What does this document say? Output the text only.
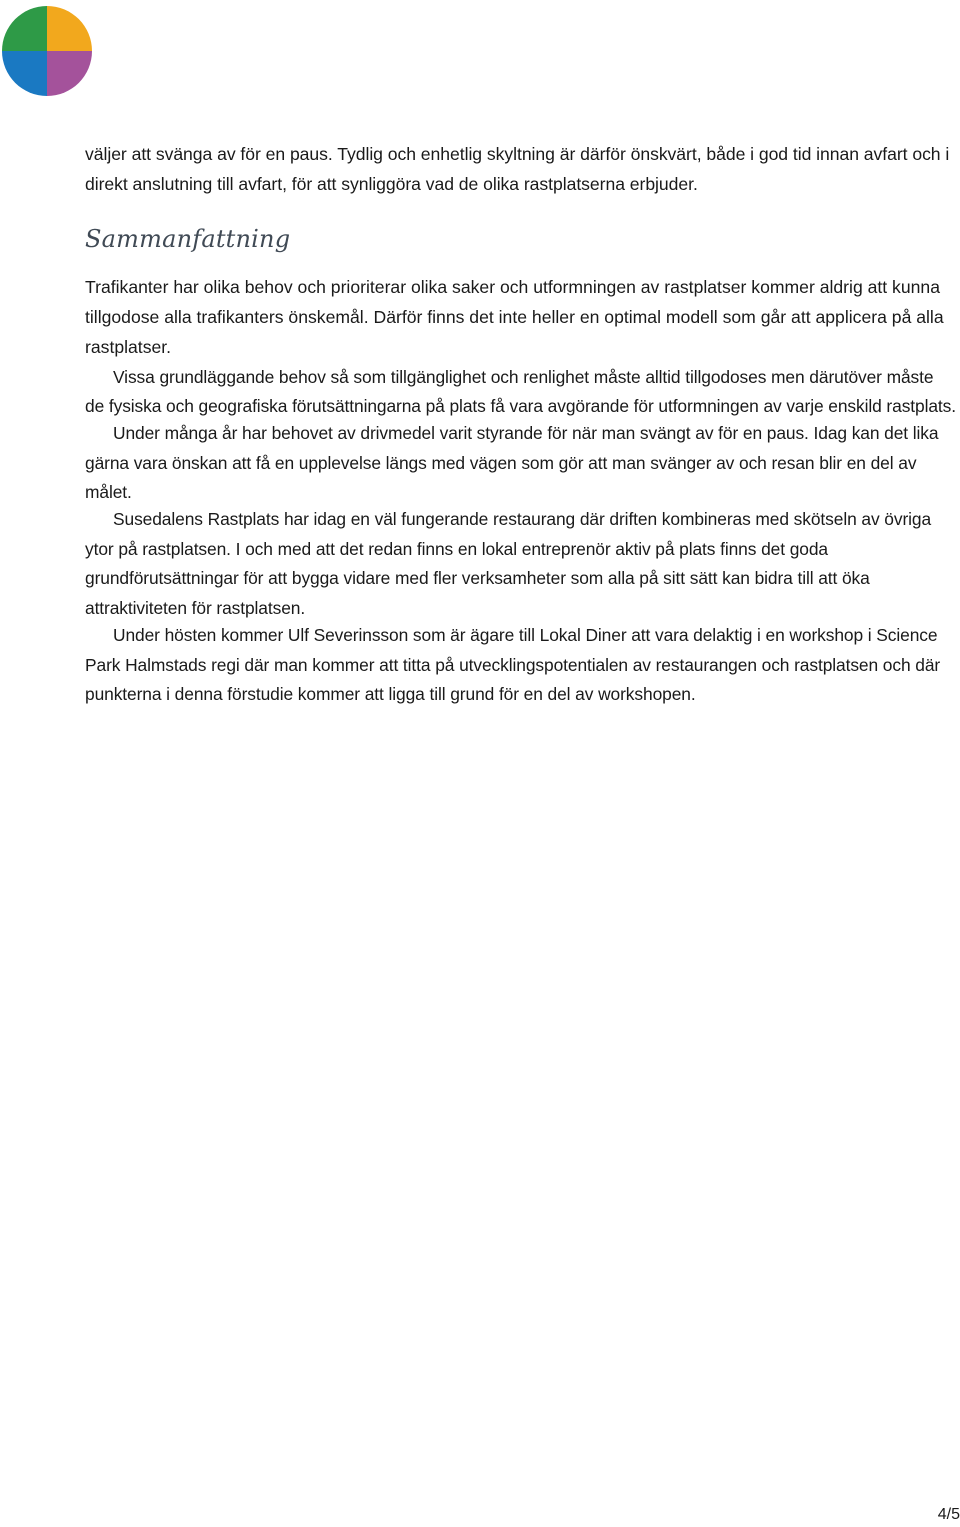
väljer att svänga av för en paus. Tydlig och enhetlig skyltning är därför önskvärt, både i god tid innan avfart och i direkt anslutning till avfart, för att synliggöra vad de olika rastplatserna erbjuder.

Sammanfattning

Trafikanter har olika behov och prioriterar olika saker och utformningen av rastplatser kommer aldrig att kunna tillgodose alla trafikanters önskemål. Därför finns det inte heller en optimal modell som går att applicera på alla rastplatser.

Vissa grundläggande behov så som tillgänglighet och renlighet måste alltid tillgodoses men därutöver måste de fysiska och geografiska förutsättningarna på plats få vara avgörande för utformningen av varje enskild rastplats.

Under många år har behovet av drivmedel varit styrande för när man svängt av för en paus. Idag kan det lika gärna vara önskan att få en upplevelse längs med vägen som gör att man svänger av och resan blir en del av målet.

Susedalens Rastplats har idag en väl fungerande restaurang där driften kombineras med skötseln av övriga ytor på rastplatsen. I och med att det redan finns en lokal entreprenör aktiv på plats finns det goda grundförutsättningar för att bygga vidare med fler verksamheter som alla på sitt sätt kan bidra till att öka attraktiviteten för rastplatsen.

Under hösten kommer Ulf Severinsson som är ägare till Lokal Diner att vara delaktig i en workshop i Science Park Halmstads regi där man kommer att titta på utvecklingspotentialen av restaurangen och rastplatsen och där punkterna i denna förstudie kommer att ligga till grund för en del av workshopen.

4/5
